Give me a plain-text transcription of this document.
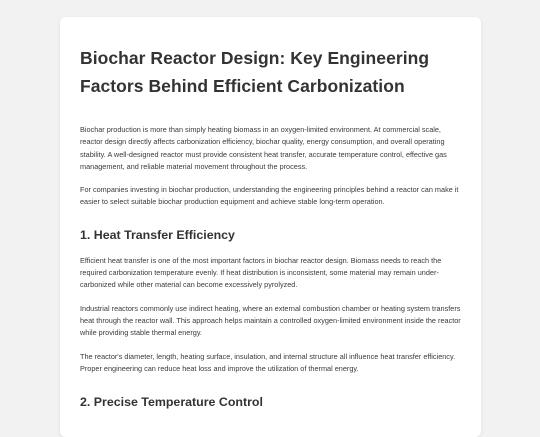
Biochar Reactor Design: Key Engineering Factors Behind Efficient Carbonization

Biochar production is more than simply heating biomass in an oxygen-limited environment. At commercial scale, reactor design directly affects carbonization efficiency, biochar quality, energy consumption, and overall operating stability. A well-designed reactor must provide consistent heat transfer, accurate temperature control, effective gas management, and reliable material movement throughout the process.

For companies investing in biochar production, understanding the engineering principles behind a reactor can make it easier to select suitable biochar production equipment and achieve stable long-term operation.

1. Heat Transfer Efficiency

Efficient heat transfer is one of the most important factors in biochar reactor design. Biomass needs to reach the required carbonization temperature evenly. If heat distribution is inconsistent, some material may remain under-carbonized while other material can become excessively pyrolyzed.

Industrial reactors commonly use indirect heating, where an external combustion chamber or heating system transfers heat through the reactor wall. This approach helps maintain a controlled oxygen-limited environment inside the reactor while providing stable thermal energy.

The reactor's diameter, length, heating surface, insulation, and internal structure all influence heat transfer efficiency. Proper engineering can reduce heat loss and improve the utilization of thermal energy.

2. Precise Temperature Control
